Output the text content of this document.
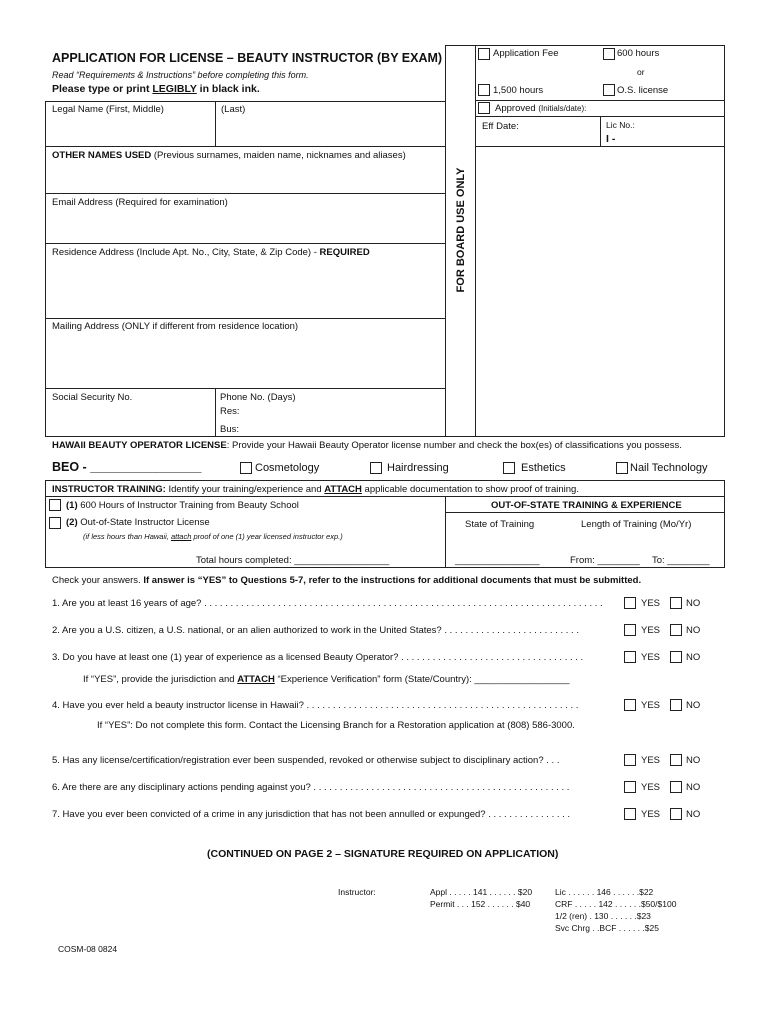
APPLICATION FOR LICENSE – BEAUTY INSTRUCTOR (BY EXAM)
Read “Requirements & Instructions” before completing this form.
Please type or print LEGIBLY in black ink.
FOR BOARD USE ONLY
Application Fee	600 hours
or
1,500 hours	O.S. license
Approved (Initials/date):
Eff Date:	Lic No.:
I -
Legal Name (First, Middle)	(Last)
OTHER NAMES USED (Previous surnames, maiden name, nicknames and aliases)
Email Address (Required for examination)
Residence Address (Include Apt. No., City, State, & Zip Code) - REQUIRED
Mailing Address (ONLY if different from residence location)
Social Security No.	Phone No. (Days)
Res:
Bus:
HAWAII BEAUTY OPERATOR LICENSE: Provide your Hawaii Beauty Operator license number and check the box(es) of classifications you possess.
BEO - ________________	Cosmetology	Hairdressing	Esthetics	Nail Technology
INSTRUCTOR TRAINING: Identify your training/experience and ATTACH applicable documentation to show proof of training.
(1) 600 Hours of Instructor Training from Beauty School
(2) Out-of-State Instructor License
(if less hours than Hawaii, attach proof of one (1) year licensed instructor exp.)
Total hours completed: __________________
OUT-OF-STATE TRAINING & EXPERIENCE
State of Training	Length of Training (Mo/Yr)
________________	From: ________ To: ________
Check your answers. If answer is “YES” to Questions 5-7, refer to the instructions for additional documents that must be submitted.
1. Are you at least 16 years of age? . . . . . . . . . . . . . . . . . . . . . . . . . . . . . . . . . . . . . . . . . . . . . . . . . . . . . . . . . . . . . . . . . . . . . . . . . . . .	YES	NO
2. Are you a U.S. citizen, a U.S. national, or an alien authorized to work in the United States? . . . . . . . . . . . . . . . . . . . . . . . . . .	YES	NO
3. Do you have at least one (1) year of experience as a licensed Beauty Operator? . . . . . . . . . . . . . . . . . . . . . . . . . . . . . . . . . . .	YES	NO
If “YES”, provide the jurisdiction and ATTACH “Experience Verification” form (State/Country): __________________
4. Have you ever held a beauty instructor license in Hawaii? . . . . . . . . . . . . . . . . . . . . . . . . . . . . . . . . . . . . . . . . . . . . . . . . . . . .	YES	NO
If “YES”: Do not complete this form. Contact the Licensing Branch for a Restoration application at (808) 586-3000.
5. Has any license/certification/registration ever been suspended, revoked or otherwise subject to disciplinary action? . . .	YES	NO
6. Are there are any disciplinary actions pending against you? . . . . . . . . . . . . . . . . . . . . . . . . . . . . . . . . . . . . . . . . . . . . . . . . .	YES	NO
7. Have you ever been convicted of a crime in any jurisdiction that has not been annulled or expunged? . . . . . . . . . . . . . . . .	YES	NO
(CONTINUED ON PAGE 2 – SIGNATURE REQUIRED ON APPLICATION)
Instructor:	Appl . . . . . 141 . . . . . . $20
Permit . . . 152 . . . . . . $40
Lic . . . . . . 146 . . . . . .$22
CRF . . . . . 142 . . . . . .$50/$100
1/2 (ren) . 130 . . . . . .$23
Svc Chrg . .BCF . . . . . .$25
COSM-08 0824
